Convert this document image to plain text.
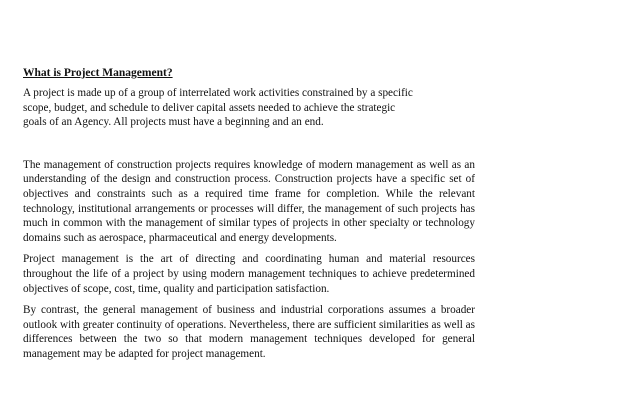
What is Project Management?

A project is made up of a group of interrelated work activities constrained by a specific

scope, budget, and schedule to deliver capital assets needed to achieve the strategic

goals of an Agency. All projects must have a beginning and an end.

The management of construction projects requires knowledge of modern management as well as an understanding of the design and construction process. Construction projects have a specific set of objectives and constraints such as a required time frame for completion. While the relevant technology, institutional arrangements or processes will differ, the management of such projects has much in common with the management of similar types of projects in other specialty or technology domains such as aerospace, pharmaceutical and energy developments.

Project management is the art of directing and coordinating human and material resources throughout the life of a project by using modern management techniques to achieve predetermined objectives of scope, cost, time, quality and participation satisfaction.

By contrast, the general management of business and industrial corporations assumes a broader outlook with greater continuity of operations. Nevertheless, there are sufficient similarities as well as differences between the two so that modern management techniques developed for general management may be adapted for project management.
